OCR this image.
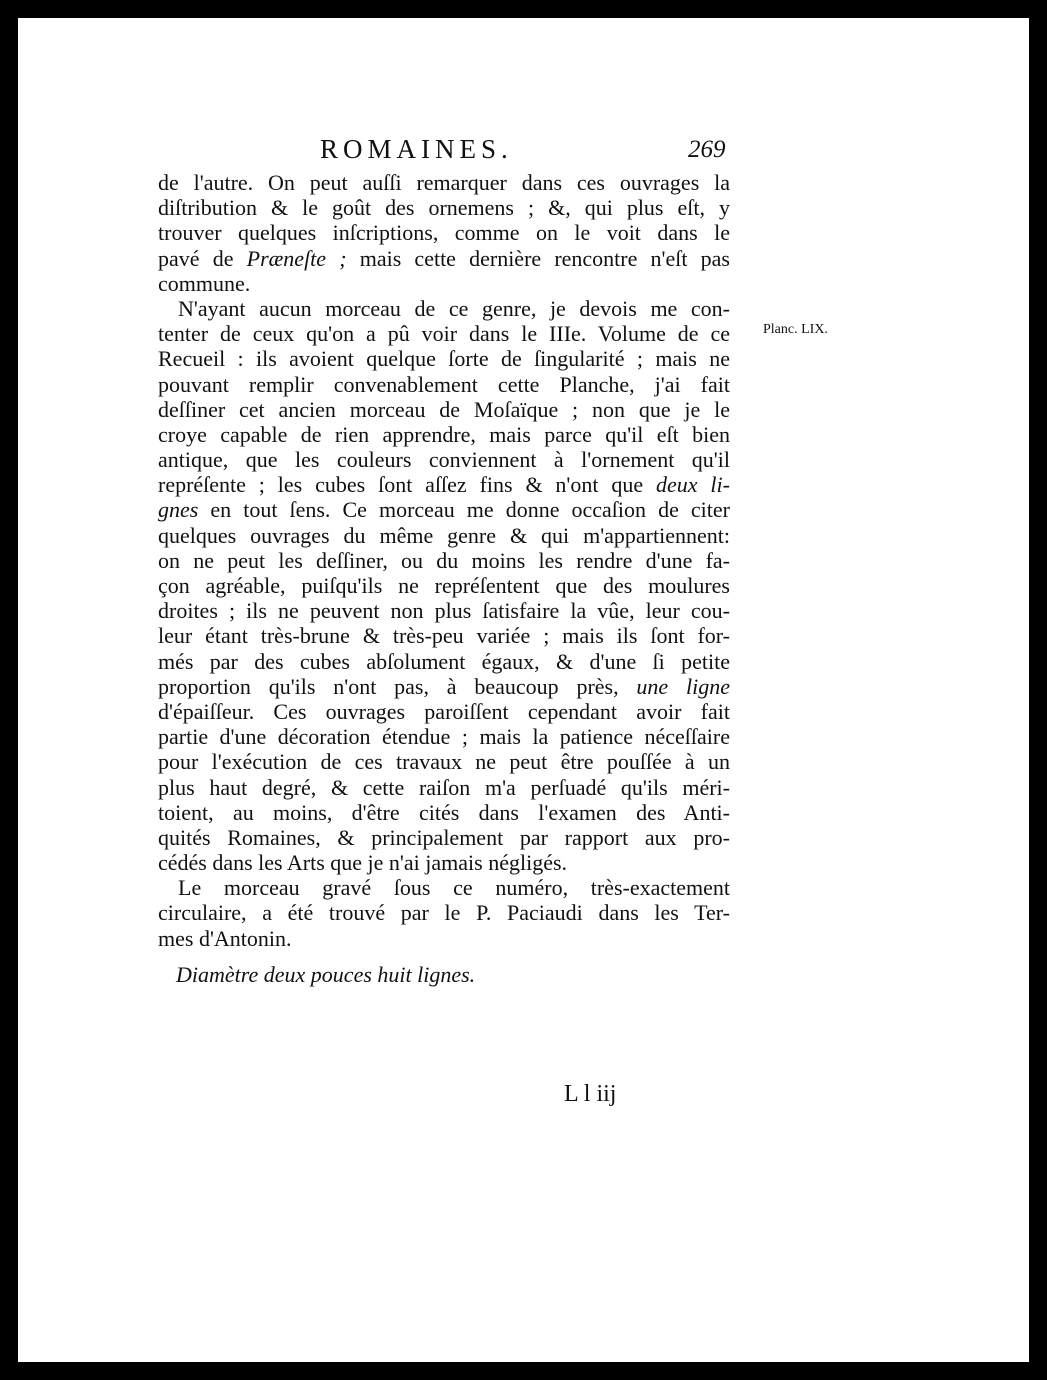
ROMAINES.	269
Planc. LIX.
de l'autre. On peut auſſi remarquer dans ces ouvrages la
diſtribution & le goût des ornemens ; &, qui plus eſt, y
trouver quelques inſcriptions, comme on le voit dans le
pavé de Præneſte ; mais cette dernière rencontre n'eſt pas
commune.
N'ayant aucun morceau de ce genre, je devois me con-
tenter de ceux qu'on a pû voir dans le IIIe. Volume de ce
Recueil : ils avoient quelque ſorte de ſingularité ; mais ne
pouvant remplir convenablement cette Planche, j'ai fait
deſſiner cet ancien morceau de Moſaïque ; non que je le
croye capable de rien apprendre, mais parce qu'il eſt bien
antique, que les couleurs conviennent à l'ornement qu'il
repréſente ; les cubes ſont aſſez fins & n'ont que deux li-
gnes en tout ſens. Ce morceau me donne occaſion de citer
quelques ouvrages du même genre & qui m'appartiennent:
on ne peut les deſſiner, ou du moins les rendre d'une fa-
çon agréable, puiſqu'ils ne repréſentent que des moulures
droites ; ils ne peuvent non plus ſatisfaire la vûe, leur cou-
leur étant très-brune & très-peu variée ; mais ils ſont for-
més par des cubes abſolument égaux, & d'une ſi petite
proportion qu'ils n'ont pas, à beaucoup près, une ligne
d'épaiſſeur. Ces ouvrages paroiſſent cependant avoir fait
partie d'une décoration étendue ; mais la patience néceſſaire
pour l'exécution de ces travaux ne peut être pouſſée à un
plus haut degré, & cette raiſon m'a perſuadé qu'ils méri-
toient, au moins, d'être cités dans l'examen des Anti-
quités Romaines, & principalement par rapport aux pro-
cédés dans les Arts que je n'ai jamais négligés.
Le morceau gravé ſous ce numéro, très-exactement
circulaire, a été trouvé par le P. Paciaudi dans les Ter-
mes d'Antonin.
Diamètre deux pouces huit lignes.
L l iij
